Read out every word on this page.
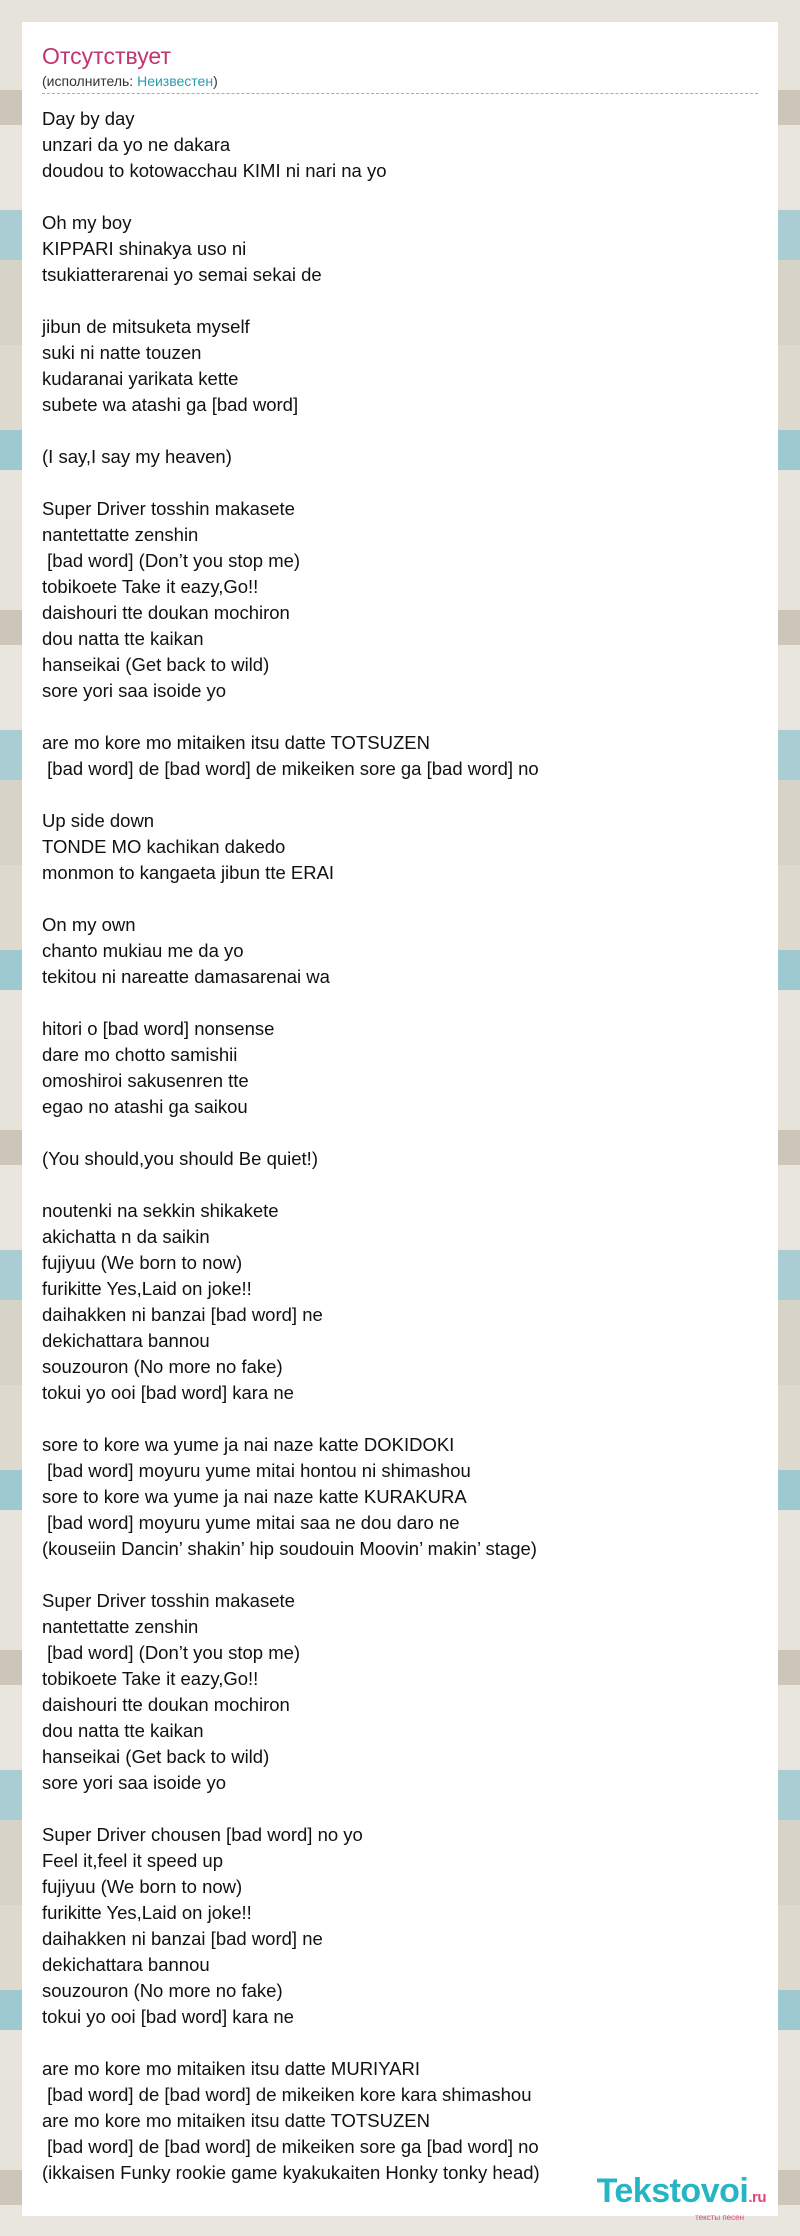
Отсутствует
(исполнитель: Неизвестен)
Day by day
unzari da yo ne dakara
doudou to kotowacchau KIMI ni nari na yo
Oh my boy
KIPPARI shinakya uso ni
tsukiatterarenai yo semai sekai de
jibun de mitsuketa myself
suki ni natte touzen
kudaranai yarikata kette
subete wa atashi ga [bad word]
(I say,I say my heaven)
Super Driver tosshin makasete
nantettatte zenshin
[bad word] (Don’t you stop me)
tobikoete Take it eazy,Go!!
daishouri tte doukan mochiron
dou natta tte kaikan
hanseikai (Get back to wild)
sore yori saa isoide yo
are mo kore mo mitaiken itsu datte TOTSUZEN
[bad word] de [bad word] de mikeiken sore ga [bad word] no
Up side down
TONDE MO kachikan dakedo
monmon to kangaeta jibun tte ERAI
On my own
chanto mukiau me da yo
tekitou ni nareatte damasarenai wa
hitori o [bad word] nonsense
dare mo chotto samishii
omoshiroi sakusenren tte
egao no atashi ga saikou
(You should,you should Be quiet!)
noutenki na sekkin shikakete
akichatta n da saikin
fujiyuu (We born to now)
furikitte Yes,Laid on joke!!
daihakken ni banzai [bad word] ne
dekichattara bannou
souzouron (No more no fake)
tokui yo ooi [bad word] kara ne
sore to kore wa yume ja nai naze katte DOKIDOKI
[bad word] moyuru yume mitai hontou ni shimashou
sore to kore wa yume ja nai naze katte KURAKURA
[bad word] moyuru yume mitai saa ne dou daro ne
(kouseiin Dancin’ shakin’ hip soudouin Moovin’ makin’ stage)
Super Driver tosshin makasete
nantettatte zenshin
[bad word] (Don’t you stop me)
tobikoete Take it eazy,Go!!
daishouri tte doukan mochiron
dou natta tte kaikan
hanseikai (Get back to wild)
sore yori saa isoide yo
Super Driver chousen [bad word] no yo
Feel it,feel it speed up
fujiyuu (We born to now)
furikitte Yes,Laid on joke!!
daihakken ni banzai [bad word] ne
dekichattara bannou
souzouron (No more no fake)
tokui yo ooi [bad word] kara ne
are mo kore mo mitaiken itsu datte MURIYARI
[bad word] de [bad word] de mikeiken kore kara shimashou
are mo kore mo mitaiken itsu datte TOTSUZEN
[bad word] de [bad word] de mikeiken sore ga [bad word] no
(ikkaisen Funky rookie game kyakukaiten Honky tonky head)	Tekstovoi.ru
тексты песен
